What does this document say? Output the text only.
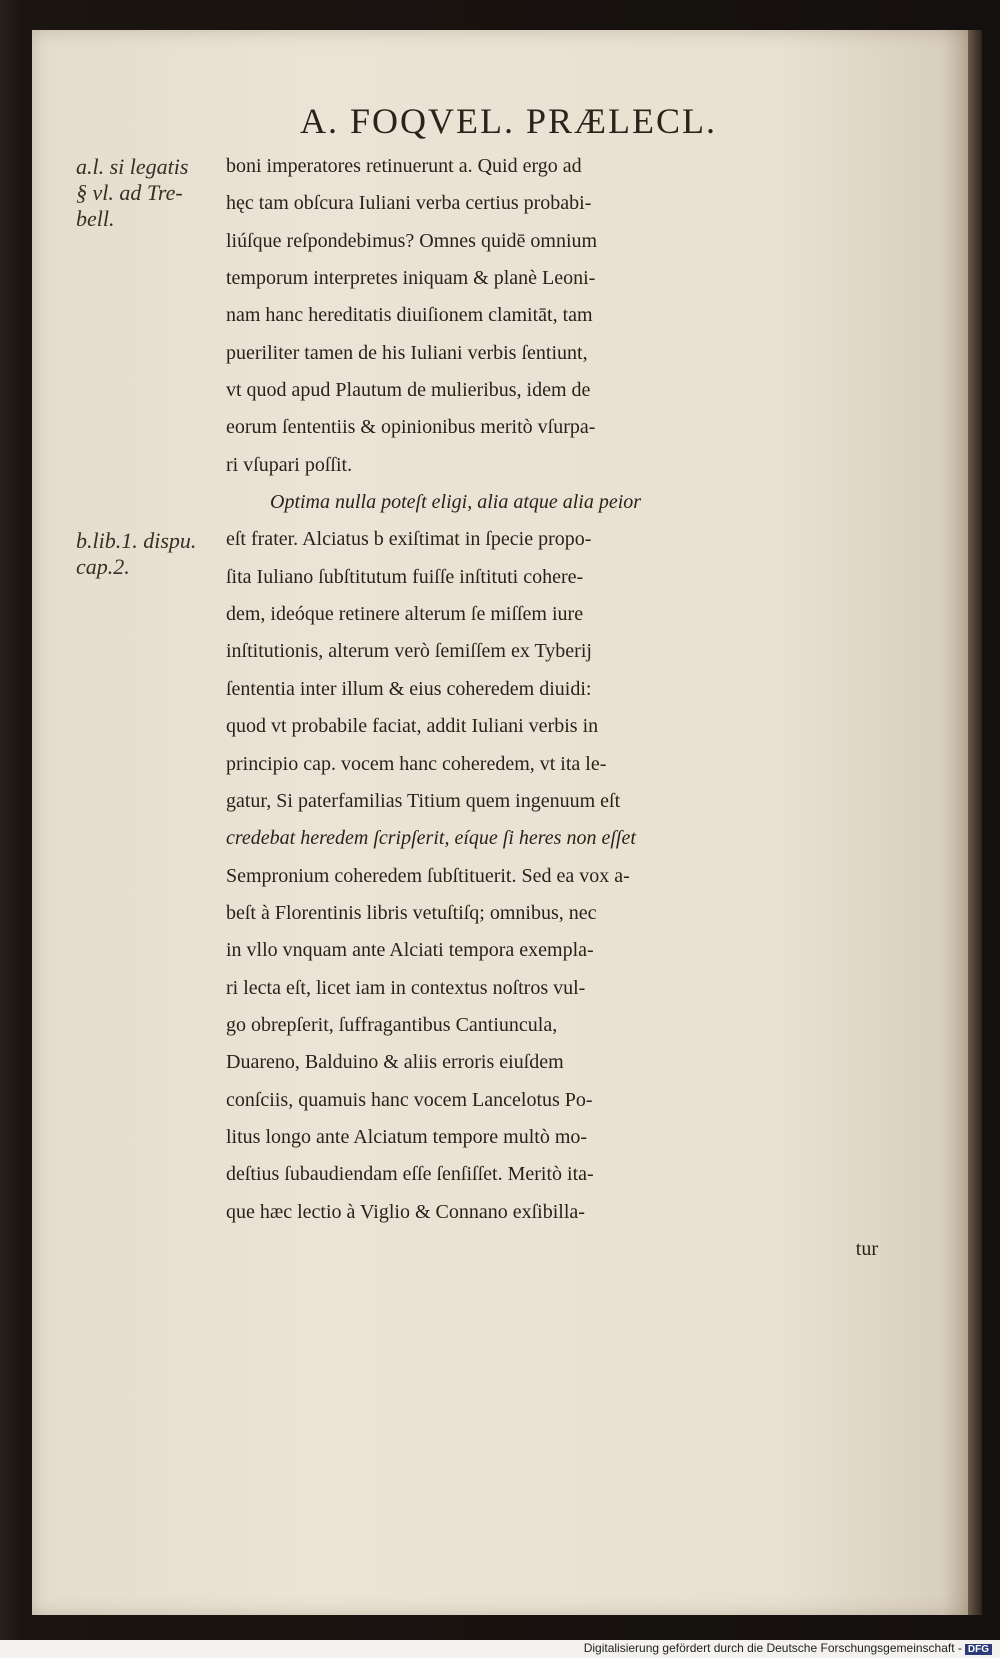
A. FOQVEL. PRÆLECL.
a.l. si legatis
§ vl. ad Tre-
bell.
b.lib.1. dispu.
cap.2.
boni imperatores retinuerunt a. Quid ergo ad
hęc tam obſcura Iuliani verba certius probabi-
liúſque reſpondebimus? Omnes quidē omnium
temporum interpretes iniquam & planè Leoni-
nam hanc hereditatis diuiſionem clamitāt, tam
pueriliter tamen de his Iuliani verbis ſentiunt,
vt quod apud Plautum de mulieribus, idem de
eorum ſententiis & opinionibus meritò vſurpa-
ri vſupari poſſit.
Optima nulla poteſt eligi, alia atque alia peior
eſt frater. Alciatus b exiſtimat in ſpecie propo-
ſita Iuliano ſubſtitutum fuiſſe inſtituti cohere-
dem, ideóque retinere alterum ſe miſſem iure
inſtitutionis, alterum verò ſemiſſem ex Tyberij
ſententia inter illum & eius coheredem diuidi:
quod vt probabile faciat, addit Iuliani verbis in
principio cap. vocem hanc coheredem, vt ita le-
gatur, Si paterfamilias Titium quem ingenuum eſt
credebat heredem ſcripſerit, eíque ſi heres non eſſet
Sempronium coheredem ſubſtituerit. Sed ea vox a-
beſt à Florentinis libris vetuſtiſq; omnibus, nec
in vllo vnquam ante Alciati tempora exempla-
ri lecta eſt, licet iam in contextus noſtros vul-
go obrepſerit, ſuffragantibus Cantiuncula,
Duareno, Balduino & aliis erroris eiuſdem
conſciis, quamuis hanc vocem Lancelotus Po-
litus longo ante Alciatum tempore multò mo-
deſtius ſubaudiendam eſſe ſenſiſſet. Meritò ita-
que hæc lectio à Viglio & Connano exſibilla-
tur
Digitalisierung gefördert durch die Deutsche Forschungsgemeinschaft - DFG
